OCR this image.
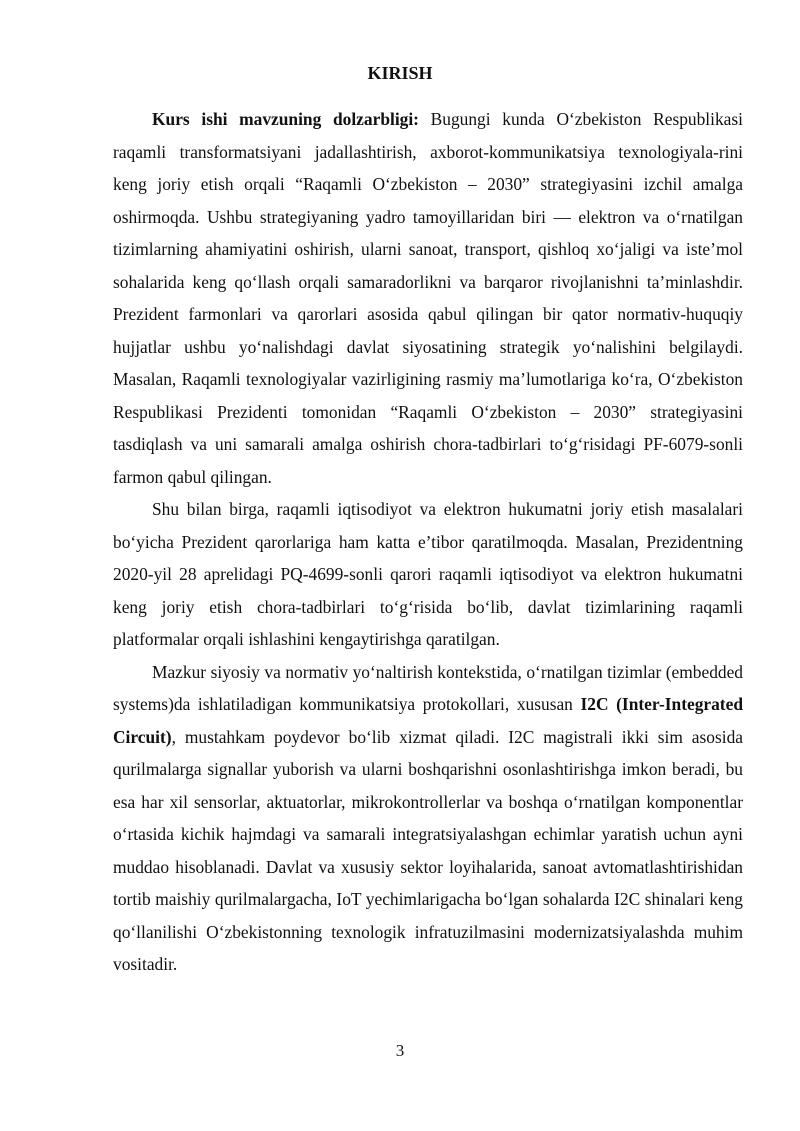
KIRISH

Kurs ishi mavzuning dolzarbligi: Bugungi kunda O‘zbekiston Respublikasi raqamli transformatsiyani jadallashtirish, axborot-kommunikatsiya texnologiyala-rini keng joriy etish orqali “Raqamli O‘zbekiston – 2030” strategiyasini izchil amalga oshirmoqda. Ushbu strategiyaning yadro tamoyillaridan biri — elektron va o‘rnatilgan tizimlarning ahamiyatini oshirish, ularni sanoat, transport, qishloq xo‘jaligi va iste’mol sohalarida keng qo‘llash orqali samaradorlikni va barqaror rivojlanishni ta’minlashdir. Prezident farmonlari va qarorlari asosida qabul qilingan bir qator normativ-huquqiy hujjatlar ushbu yo‘nalishdagi davlat siyosatining strategik yo‘nalishini belgilaydi. Masalan, Raqamli texnologiyalar vazirligining rasmiy ma’lumotlariga ko‘ra, O‘zbekiston Respublikasi Prezidenti tomonidan “Raqamli O‘zbekiston – 2030” strategiyasini tasdiqlash va uni samarali amalga oshirish chora-tadbirlari to‘g‘risidagi PF-6079-sonli farmon qabul qilingan.

Shu bilan birga, raqamli iqtisodiyot va elektron hukumatni joriy etish masalalari bo‘yicha Prezident qarorlariga ham katta e’tibor qaratilmoqda. Masalan, Prezidentning 2020-yil 28 aprelidagi PQ-4699-sonli qarori raqamli iqtisodiyot va elektron hukumatni keng joriy etish chora-tadbirlari to‘g‘risida bo‘lib, davlat tizimlarining raqamli platformalar orqali ishlashini kengaytirishga qaratilgan.

Mazkur siyosiy va normativ yo‘naltirish kontekstida, o‘rnatilgan tizimlar (embedded systems)da ishlatiladigan kommunikatsiya protokollari, xususan I2C (Inter-Integrated Circuit), mustahkam poydevor bo‘lib xizmat qiladi. I2C magistrali ikki sim asosida qurilmalarga signallar yuborish va ularni boshqarishni osonlashtirishga imkon beradi, bu esa har xil sensorlar, aktuatorlar, mikrokontrollerlar va boshqa o‘rnatilgan komponentlar o‘rtasida kichik hajmdagi va samarali integratsiyalashgan echimlar yaratish uchun ayni muddao hisoblanadi. Davlat va xususiy sektor loyihalarida, sanoat avtomatlashtirishidan tortib maishiy qurilmalargacha, IoT yechimlarigacha bo‘lgan sohalarda I2C shinalari keng qo‘llanilishi O‘zbekistonning texnologik infratuzilmasini modernizatsiyalashda muhim vositadir.

3
